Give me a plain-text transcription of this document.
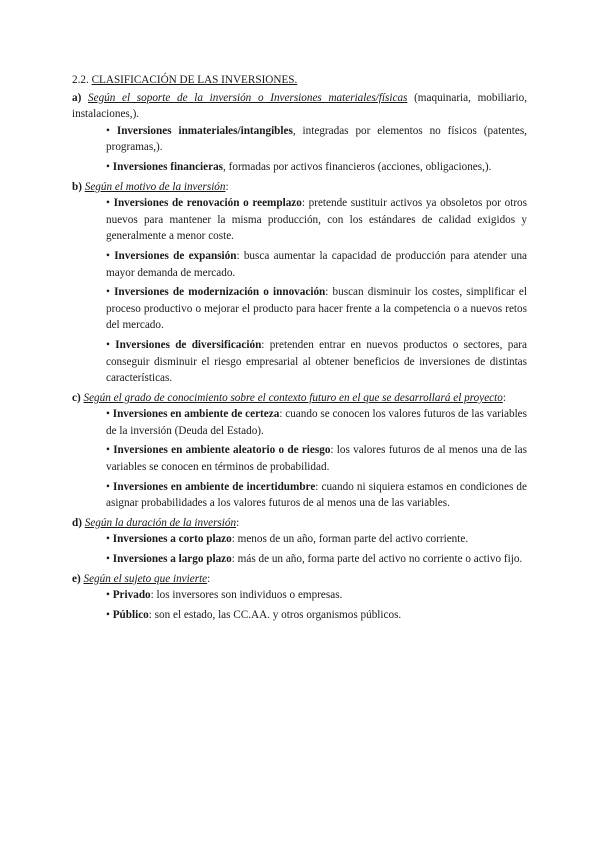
2.2. CLASIFICACIÓN DE LAS INVERSIONES.

a) Según el soporte de la inversión o Inversiones materiales/físicas (maquinaria, mobiliario, instalaciones,).

• Inversiones inmateriales/intangibles, integradas por elementos no físicos (patentes, programas,).

• Inversiones financieras, formadas por activos financieros (acciones, obligaciones,).

b) Según el motivo de la inversión:

• Inversiones de renovación o reemplazo: pretende sustituir activos ya obsoletos por otros nuevos para mantener la misma producción, con los estándares de calidad exigidos y generalmente a menor coste.

• Inversiones de expansión: busca aumentar la capacidad de producción para atender una mayor demanda de mercado.

• Inversiones de modernización o innovación: buscan disminuir los costes, simplificar el proceso productivo o mejorar el producto para hacer frente a la competencia o a nuevos retos del mercado.

• Inversiones de diversificación: pretenden entrar en nuevos productos o sectores, para conseguir disminuir el riesgo empresarial al obtener beneficios de inversiones de distintas características.

c) Según el grado de conocimiento sobre el contexto futuro en el que se desarrollará el proyecto:

• Inversiones en ambiente de certeza: cuando se conocen los valores futuros de las variables de la inversión (Deuda del Estado).

• Inversiones en ambiente aleatorio o de riesgo: los valores futuros de al menos una de las variables se conocen en términos de probabilidad.

• Inversiones en ambiente de incertidumbre: cuando ni siquiera estamos en condiciones de asignar probabilidades a los valores futuros de al menos una de las variables.

d) Según la duración de la inversión:

• Inversiones a corto plazo: menos de un año, forman parte del activo corriente.

• Inversiones a largo plazo: más de un año, forma parte del activo no corriente o activo fijo.

e) Según el sujeto que invierte:

• Privado: los inversores son individuos o empresas.

• Público: son el estado, las CC.AA. y otros organismos públicos.
